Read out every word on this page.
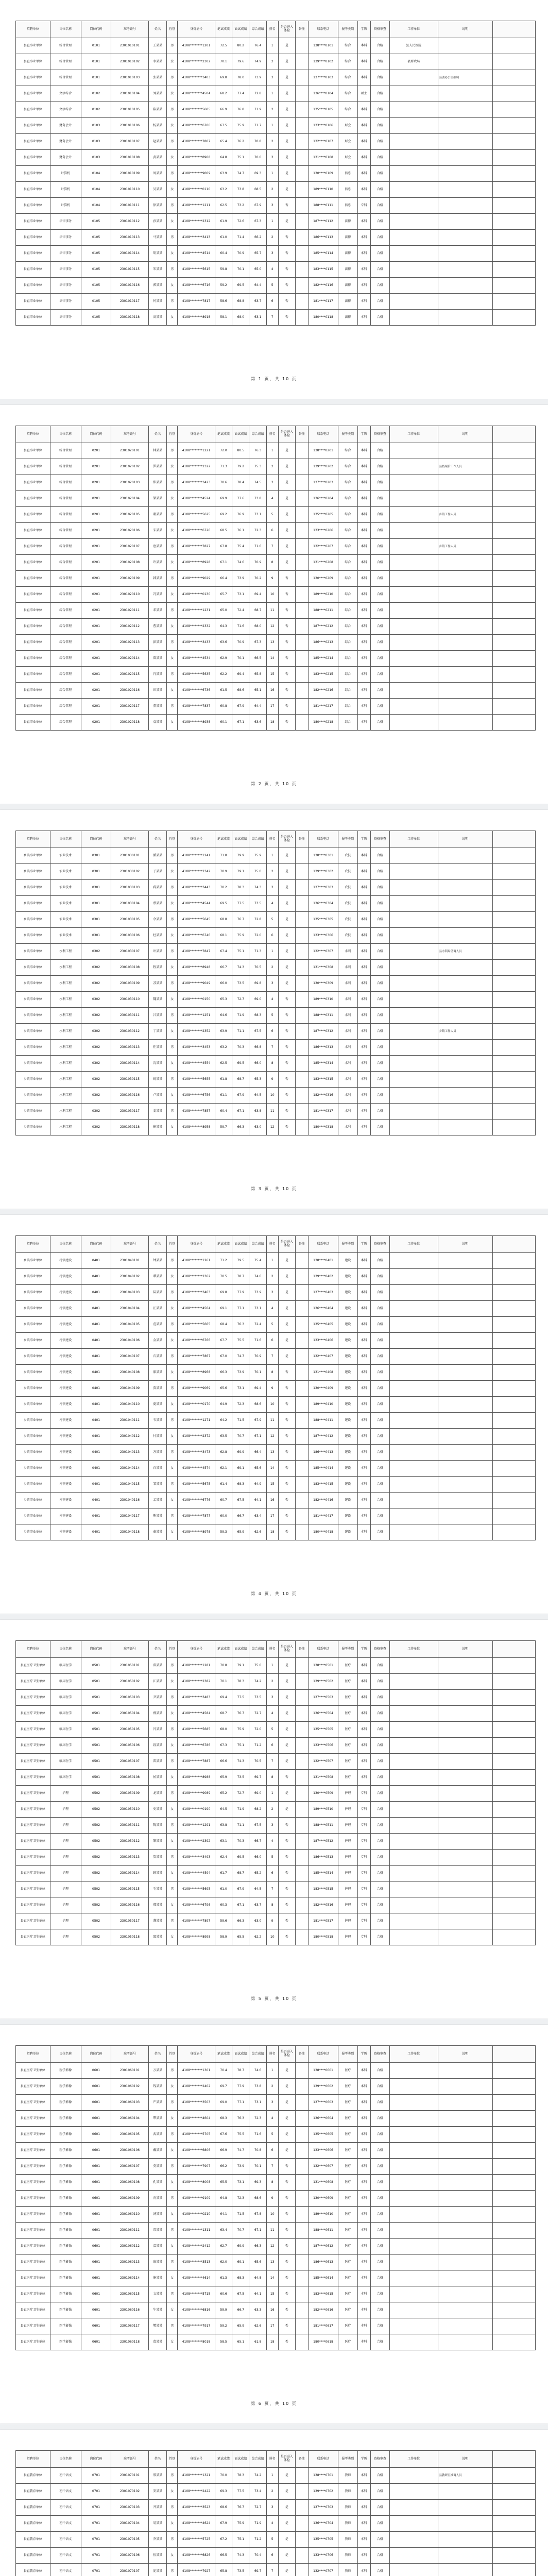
招聘单位	岗位名称	岗位代码	准考证号	姓名	性别	身份证号	笔试成绩	面试成绩	综合成绩	排名	是否进入体检	备注	联系电话	报考类别	学历	资格审查	工作单位	说明	
县直事业单位	综合管理	0101	2301010101	王某某	男	4108********1201	72.5	80.2	76.4	1	是		138****0101	综合	本科	合格	县人民医院		
县直事业单位	综合管理	0101	2301010102	李某某	女	4108********2302	70.1	79.6	74.9	2	是		139****0102	综合	本科	合格	县财政局		
县直事业单位	综合管理	0101	2301010103	张某某	男	4108********3403	69.8	78.0	73.9	3	是		137****0103	综合	本科	合格		县委办公室抽调	
县直事业单位	文字综合	0102	2301010104	刘某某	女	4108********4504	68.2	77.4	72.8	1	是		136****0104	综合	硕士	合格			
县直事业单位	文字综合	0102	2301010105	陈某某	男	4108********5605	66.9	76.8	71.9	2	是		135****0105	综合	本科	合格			
县直事业单位	财务会计	0103	2301010106	杨某某	女	4108********6706	67.5	75.9	71.7	1	是		133****0106	财会	本科	合格			
县直事业单位	财务会计	0103	2301010107	赵某某	男	4108********7807	65.4	76.2	70.8	2	是		132****0107	财会	本科	合格			
县直事业单位	财务会计	0103	2301010108	黄某某	女	4108********8908	64.8	75.1	70.0	3	是		131****0108	财会	本科	合格			
县直事业单位	计算机	0104	2301010109	周某某	男	4108********9009	63.9	74.7	69.3	1	是		130****0109	信息	本科	合格			
县直事业单位	计算机	0104	2301010110	吴某某	女	4108********0110	63.2	73.8	68.5	2	是		189****0110	信息	本科	合格			
县直事业单位	计算机	0104	2301010111	徐某某	男	4108********1211	62.5	73.2	67.9	3	否		188****0111	信息	专科	合格			
县直事业单位	法律事务	0105	2301010112	孙某某	女	4108********2312	61.9	72.6	67.3	1	是		187****0112	法律	本科	合格			
县直事业单位	法律事务	0105	2301010113	马某某	男	4108********3413	61.0	71.4	66.2	2	否		186****0113	法律	本科	合格			
县直事业单位	法律事务	0105	2301010114	胡某某	女	4108********4514	60.4	70.9	65.7	3	否		185****0114	法律	本科	合格			
县直事业单位	法律事务	0105	2301010115	朱某某	男	4108********5615	59.8	70.1	65.0	4	否		183****0115	法律	本科	合格			
县直事业单位	法律事务	0105	2301010116	郭某某	女	4108********6716	59.2	69.5	64.4	5	否		182****0116	法律	本科	合格			
县直事业单位	法律事务	0105	2301010117	何某某	男	4108********7817	58.6	68.8	63.7	6	否		181****0117	法律	本科	合格			
县直事业单位	法律事务	0105	2301010118	高某某	女	4108********8918	58.1	68.0	63.1	7	否		180****0118	法律	本科	合格			
第 1 页，共 10 页
招聘单位	岗位名称	岗位代码	准考证号	姓名	性别	身份证号	笔试成绩	面试成绩	综合成绩	排名	是否进入体检	备注	联系电话	报考类别	学历	资格审查	工作单位	说明	
县直事业单位	综合管理	0201	2301020101	林某某	男	4108********1221	72.0	80.5	76.3	1	是		138****0201	综合	本科	合格			
县直事业单位	综合管理	0201	2301020102	罗某某	女	4108********2322	71.3	79.2	75.3	2	是		139****0202	综合	本科	合格		县档案馆工作人员	
县直事业单位	综合管理	0201	2301020103	郑某某	男	4108********3423	70.6	78.4	74.5	3	是		137****0203	综合	本科	合格			
县直事业单位	综合管理	0201	2301020104	梁某某	女	4108********4524	69.9	77.6	73.8	4	是		136****0204	综合	本科	合格			
县直事业单位	综合管理	0201	2301020105	谢某某	男	4108********5625	69.2	76.9	73.1	5	是		135****0205	综合	本科	合格		乡镇工作人员	
县直事业单位	综合管理	0201	2301020106	宋某某	女	4108********6726	68.5	76.1	72.3	6	是		133****0206	综合	本科	合格			
县直事业单位	综合管理	0201	2301020107	唐某某	男	4108********7827	67.8	75.4	71.6	7	是		132****0207	综合	本科	合格		乡镇工作人员	
县直事业单位	综合管理	0201	2301020108	许某某	女	4108********8928	67.1	74.6	70.9	8	是		131****0208	综合	本科	合格			
县直事业单位	综合管理	0201	2301020109	韩某某	男	4108********9029	66.4	73.9	70.2	9	否		130****0209	综合	本科	合格			
县直事业单位	综合管理	0201	2301020110	冯某某	女	4108********0130	65.7	73.1	69.4	10	否		189****0210	综合	本科	合格			
县直事业单位	综合管理	0201	2301020111	邓某某	男	4108********1231	65.0	72.4	68.7	11	否		188****0211	综合	本科	合格			
县直事业单位	综合管理	0201	2301020112	曹某某	女	4108********2332	64.3	71.6	68.0	12	否		187****0212	综合	本科	合格			
县直事业单位	综合管理	0201	2301020113	彭某某	男	4108********3433	63.6	70.9	67.3	13	否		186****0213	综合	本科	合格			
县直事业单位	综合管理	0201	2301020114	曾某某	女	4108********4534	62.9	70.1	66.5	14	否		185****0214	综合	本科	合格			
县直事业单位	综合管理	0201	2301020115	肖某某	男	4108********5635	62.2	69.4	65.8	15	否		183****0215	综合	本科	合格			
县直事业单位	综合管理	0201	2301020116	田某某	女	4108********6736	61.5	68.6	65.1	16	否		182****0216	综合	本科	合格			
县直事业单位	综合管理	0201	2301020117	董某某	男	4108********7837	60.8	67.9	64.4	17	否		181****0217	综合	本科	合格			
县直事业单位	综合管理	0201	2301020118	袁某某	女	4108********8938	60.1	67.1	63.6	18	否		180****0218	综合	本科	合格			
第 2 页，共 10 页
招聘单位	岗位名称	岗位代码	准考证号	姓名	性别	身份证号	笔试成绩	面试成绩	综合成绩	排名	是否进入体检	备注	联系电话	报考类别	学历	资格审查	工作单位	说明	
乡镇事业单位	农业技术	0301	2301030101	潘某某	男	4108********1241	71.8	79.9	75.9	1	是		138****0301	农技	本科	合格			
乡镇事业单位	农业技术	0301	2301030102	于某某	女	4108********2342	70.9	79.1	75.0	2	是		139****0302	农技	本科	合格			
乡镇事业单位	农业技术	0301	2301030103	蒋某某	男	4108********3443	70.2	78.3	74.3	3	是		137****0303	农技	本科	合格			
乡镇事业单位	农业技术	0301	2301030104	蔡某某	女	4108********4544	69.5	77.5	73.5	4	是		136****0304	农技	本科	合格			
乡镇事业单位	农业技术	0301	2301030105	余某某	男	4108********5645	68.8	76.7	72.8	5	是		135****0305	农技	本科	合格			
乡镇事业单位	农业技术	0301	2301030106	杜某某	女	4108********6746	68.1	75.9	72.0	6	是		133****0306	农技	本科	合格			
乡镇事业单位	水利工程	0302	2301030107	叶某某	男	4108********7847	67.4	75.1	71.3	1	是		132****0307	水利	本科	合格		县水利局借调人员	
乡镇事业单位	水利工程	0302	2301030108	程某某	女	4108********8948	66.7	74.3	70.5	2	是		131****0308	水利	本科	合格			
乡镇事业单位	水利工程	0302	2301030109	苏某某	男	4108********9049	66.0	73.5	69.8	3	是		130****0309	水利	本科	合格			
乡镇事业单位	水利工程	0302	2301030110	魏某某	女	4108********0150	65.3	72.7	69.0	4	否		189****0310	水利	本科	合格			
乡镇事业单位	水利工程	0302	2301030111	吕某某	男	4108********1251	64.6	71.9	68.3	5	否		188****0311	水利	本科	合格			
乡镇事业单位	水利工程	0302	2301030112	丁某某	女	4108********2352	63.9	71.1	67.5	6	否		187****0312	水利	本科	合格		乡镇工作人员	
乡镇事业单位	水利工程	0302	2301030113	任某某	男	4108********3453	63.2	70.3	66.8	7	否		186****0313	水利	本科	合格			
乡镇事业单位	水利工程	0302	2301030114	沈某某	女	4108********4554	62.5	69.5	66.0	8	否		185****0314	水利	本科	合格			
乡镇事业单位	水利工程	0302	2301030115	姚某某	男	4108********5655	61.8	68.7	65.3	9	否		183****0315	水利	本科	合格			
乡镇事业单位	水利工程	0302	2301030116	卢某某	女	4108********6756	61.1	67.9	64.5	10	否		182****0316	水利	本科	合格			
乡镇事业单位	水利工程	0302	2301030117	姜某某	男	4108********7857	60.4	67.1	63.8	11	否		181****0317	水利	本科	合格			
乡镇事业单位	水利工程	0302	2301030118	崔某某	女	4108********8958	59.7	66.3	63.0	12	否		180****0318	水利	本科	合格			
第 3 页，共 10 页
招聘单位	岗位名称	岗位代码	准考证号	姓名	性别	身份证号	笔试成绩	面试成绩	综合成绩	排名	是否进入体检	备注	联系电话	报考类别	学历	资格审查	工作单位	说明	
乡镇事业单位	村镇建设	0401	2301040101	钟某某	男	4108********1261	71.2	79.5	75.4	1	是		138****0401	建设	本科	合格			
乡镇事业单位	村镇建设	0401	2301040102	谭某某	女	4108********2362	70.5	78.7	74.6	2	是		139****0402	建设	本科	合格			
乡镇事业单位	村镇建设	0401	2301040103	陆某某	男	4108********3463	69.8	77.9	73.9	3	是		137****0403	建设	本科	合格			
乡镇事业单位	村镇建设	0401	2301040104	汪某某	女	4108********4564	69.1	77.1	73.1	4	是		136****0404	建设	本科	合格			
乡镇事业单位	村镇建设	0401	2301040105	范某某	男	4108********5665	68.4	76.3	72.4	5	是		135****0405	建设	本科	合格			
乡镇事业单位	村镇建设	0401	2301040106	金某某	女	4108********6766	67.7	75.5	71.6	6	是		133****0406	建设	本科	合格			
乡镇事业单位	村镇建设	0401	2301040107	石某某	男	4108********7867	67.0	74.7	70.9	7	是		132****0407	建设	本科	合格			
乡镇事业单位	村镇建设	0401	2301040108	廖某某	女	4108********8968	66.3	73.9	70.1	8	否		131****0408	建设	本科	合格			
乡镇事业单位	村镇建设	0401	2301040109	贾某某	男	4108********9069	65.6	73.1	69.4	9	否		130****0409	建设	本科	合格			
乡镇事业单位	村镇建设	0401	2301040110	夏某某	女	4108********0170	64.9	72.3	68.6	10	否		189****0410	建设	本科	合格			
乡镇事业单位	村镇建设	0401	2301040111	韦某某	男	4108********1271	64.2	71.5	67.9	11	否		188****0411	建设	本科	合格			
乡镇事业单位	村镇建设	0401	2301040112	付某某	女	4108********2372	63.5	70.7	67.1	12	否		187****0412	建设	本科	合格			
乡镇事业单位	村镇建设	0401	2301040113	方某某	男	4108********3473	62.8	69.9	66.4	13	否		186****0413	建设	本科	合格			
乡镇事业单位	村镇建设	0401	2301040114	白某某	女	4108********4574	62.1	69.1	65.6	14	否		185****0414	建设	本科	合格			
乡镇事业单位	村镇建设	0401	2301040115	邹某某	男	4108********5675	61.4	68.3	64.9	15	否		183****0415	建设	本科	合格			
乡镇事业单位	村镇建设	0401	2301040116	孟某某	女	4108********6776	60.7	67.5	64.1	16	否		182****0416	建设	本科	合格			
乡镇事业单位	村镇建设	0401	2301040117	熊某某	男	4108********7877	60.0	66.7	63.4	17	否		181****0417	建设	本科	合格			
乡镇事业单位	村镇建设	0401	2301040118	秦某某	女	4108********8978	59.3	65.9	62.6	18	否		180****0418	建设	本科	合格			
第 4 页，共 10 页
招聘单位	岗位名称	岗位代码	准考证号	姓名	性别	身份证号	笔试成绩	面试成绩	综合成绩	排名	是否进入体检	备注	联系电话	报考类别	学历	资格审查	工作单位	说明	
县直医疗卫生单位	临床医学	0501	2301050101	邱某某	男	4108********1281	70.8	79.1	75.0	1	是		138****0501	医疗	本科	合格			
县直医疗卫生单位	临床医学	0501	2301050102	江某某	女	4108********2382	70.1	78.3	74.2	2	是		139****0502	医疗	本科	合格			
县直医疗卫生单位	临床医学	0501	2301050103	尹某某	男	4108********3483	69.4	77.5	73.5	3	是		137****0503	医疗	本科	合格			
县直医疗卫生单位	临床医学	0501	2301050104	薛某某	女	4108********4584	68.7	76.7	72.7	4	是		136****0504	医疗	本科	合格			
县直医疗卫生单位	临床医学	0501	2301050105	闫某某	男	4108********5685	68.0	75.9	72.0	5	是		135****0505	医疗	本科	合格			
县直医疗卫生单位	临床医学	0501	2301050106	段某某	女	4108********6786	67.3	75.1	71.2	6	是		133****0506	医疗	本科	合格			
县直医疗卫生单位	临床医学	0501	2301050107	雷某某	男	4108********7887	66.6	74.3	70.5	7	是		132****0507	医疗	本科	合格			
县直医疗卫生单位	临床医学	0501	2301050108	侯某某	女	4108********8988	65.9	73.5	69.7	8	否		131****0508	医疗	本科	合格			
县直医疗卫生单位	护理	0502	2301050109	龙某某	男	4108********9089	65.2	72.7	69.0	1	是		130****0509	护理	专科	合格			
县直医疗卫生单位	护理	0502	2301050110	史某某	女	4108********0190	64.5	71.9	68.2	2	是		189****0510	护理	专科	合格			
县直医疗卫生单位	护理	0502	2301050111	陶某某	男	4108********1291	63.8	71.1	67.5	3	否		188****0511	护理	专科	合格			
县直医疗卫生单位	护理	0502	2301050112	黎某某	女	4108********2392	63.1	70.3	66.7	4	否		187****0512	护理	专科	合格			
县直医疗卫生单位	护理	0502	2301050113	贺某某	男	4108********3493	62.4	69.5	66.0	5	否		186****0513	护理	专科	合格			
县直医疗卫生单位	护理	0502	2301050114	顾某某	女	4108********4594	61.7	68.7	65.2	6	否		185****0514	护理	专科	合格			
县直医疗卫生单位	护理	0502	2301050115	毛某某	男	4108********5695	61.0	67.9	64.5	7	否		183****0515	护理	专科	合格			
县直医疗卫生单位	护理	0502	2301050116	郝某某	女	4108********6796	60.3	67.1	63.7	8	否		182****0516	护理	专科	合格			
县直医疗卫生单位	护理	0502	2301050117	龚某某	男	4108********7897	59.6	66.3	63.0	9	否		181****0517	护理	专科	合格			
县直医疗卫生单位	护理	0502	2301050118	邵某某	女	4108********8998	58.9	65.5	62.2	10	否		180****0518	护理	专科	合格			
第 5 页，共 10 页
招聘单位	岗位名称	岗位代码	准考证号	姓名	性别	身份证号	笔试成绩	面试成绩	综合成绩	排名	是否进入体检	备注	联系电话	报考类别	学历	资格审查	工作单位	说明	
县直医疗卫生单位	医学影像	0601	2301060101	万某某	男	4108********1301	70.4	78.7	74.6	1	是		138****0601	医疗	本科	合格			
县直医疗卫生单位	医学影像	0601	2301060102	钱某某	女	4108********2402	69.7	77.9	73.8	2	是		139****0602	医疗	本科	合格			
县直医疗卫生单位	医学影像	0601	2301060103	严某某	男	4108********3503	69.0	77.1	73.1	3	是		137****0603	医疗	本科	合格			
县直医疗卫生单位	医学影像	0601	2301060104	覃某某	女	4108********4604	68.3	76.3	72.3	4	是		136****0604	医疗	本科	合格			
县直医疗卫生单位	医学影像	0601	2301060105	武某某	男	4108********5705	67.6	75.5	71.6	5	是		135****0605	医疗	本科	合格			
县直医疗卫生单位	医学影像	0601	2301060106	戴某某	女	4108********6806	66.9	74.7	70.8	6	是		133****0606	医疗	本科	合格			
县直医疗卫生单位	医学影像	0601	2301060107	莫某某	男	4108********7907	66.2	73.9	70.1	7	否		132****0607	医疗	本科	合格			
县直医疗卫生单位	医学影像	0601	2301060108	孔某某	女	4108********8008	65.5	73.1	69.3	8	否		131****0608	医疗	本科	合格			
县直医疗卫生单位	医学影像	0601	2301060109	向某某	男	4108********9109	64.8	72.3	68.6	9	否		130****0609	医疗	本科	合格			
县直医疗卫生单位	医学影像	0601	2301060110	汤某某	女	4108********0210	64.1	71.5	67.8	10	否		189****0610	医疗	本科	合格			
县直医疗卫生单位	医学影像	0601	2301060111	常某某	男	4108********1311	63.4	70.7	67.1	11	否		188****0611	医疗	本科	合格			
县直医疗卫生单位	医学影像	0601	2301060112	温某某	女	4108********2412	62.7	69.9	66.3	12	否		187****0612	医疗	本科	合格			
县直医疗卫生单位	医学影像	0601	2301060113	康某某	男	4108********3513	62.0	69.1	65.6	13	否		186****0613	医疗	本科	合格			
县直医疗卫生单位	医学影像	0601	2301060114	施某某	女	4108********4614	61.3	68.3	64.8	14	否		185****0614	医疗	本科	合格			
县直医疗卫生单位	医学影像	0601	2301060115	文某某	男	4108********5715	60.6	67.5	64.1	15	否		183****0615	医疗	本科	合格			
县直医疗卫生单位	医学影像	0601	2301060116	牛某某	女	4108********6816	59.9	66.7	63.3	16	否		182****0616	医疗	本科	合格			
县直医疗卫生单位	医学影像	0601	2301060117	樊某某	男	4108********7917	59.2	65.9	62.6	17	否		181****0617	医疗	本科	合格			
县直医疗卫生单位	医学影像	0601	2301060118	葛某某	女	4108********8018	58.5	65.1	61.8	18	否		180****0618	医疗	本科	合格			
第 6 页，共 10 页
招聘单位	岗位名称	岗位代码	准考证号	姓名	性别	身份证号	笔试成绩	面试成绩	综合成绩	排名	是否进入体检	备注	联系电话	报考类别	学历	资格审查	工作单位	说明	
县直教育单位	初中语文	0701	2301070101	邢某某	男	4108********1321	70.0	78.3	74.2	1	是		138****0701	教师	本科	合格		县教研室抽调人员	
县直教育单位	初中语文	0701	2301070102	安某某	女	4108********2422	69.3	77.5	73.4	2	是		139****0702	教师	本科	合格			
县直教育单位	初中语文	0701	2301070103	齐某某	男	4108********3523	68.6	76.7	72.7	3	是		137****0703	教师	本科	合格			
县直教育单位	初中语文	0701	2301070104	易某某	女	4108********4624	67.9	75.9	71.9	4	是		136****0704	教师	本科	合格			
县直教育单位	初中语文	0701	2301070105	乔某某	男	4108********5725	67.2	75.1	71.2	5	是		135****0705	教师	本科	合格			
县直教育单位	初中语文	0701	2301070106	伍某某	女	4108********6826	66.5	74.3	70.4	6	是		133****0706	教师	本科	合格			
县直教育单位	初中语文	0701	2301070107	庞某某	男	4108********7927	65.8	73.5	69.7	7	是		132****0707	教师	本科	合格			
